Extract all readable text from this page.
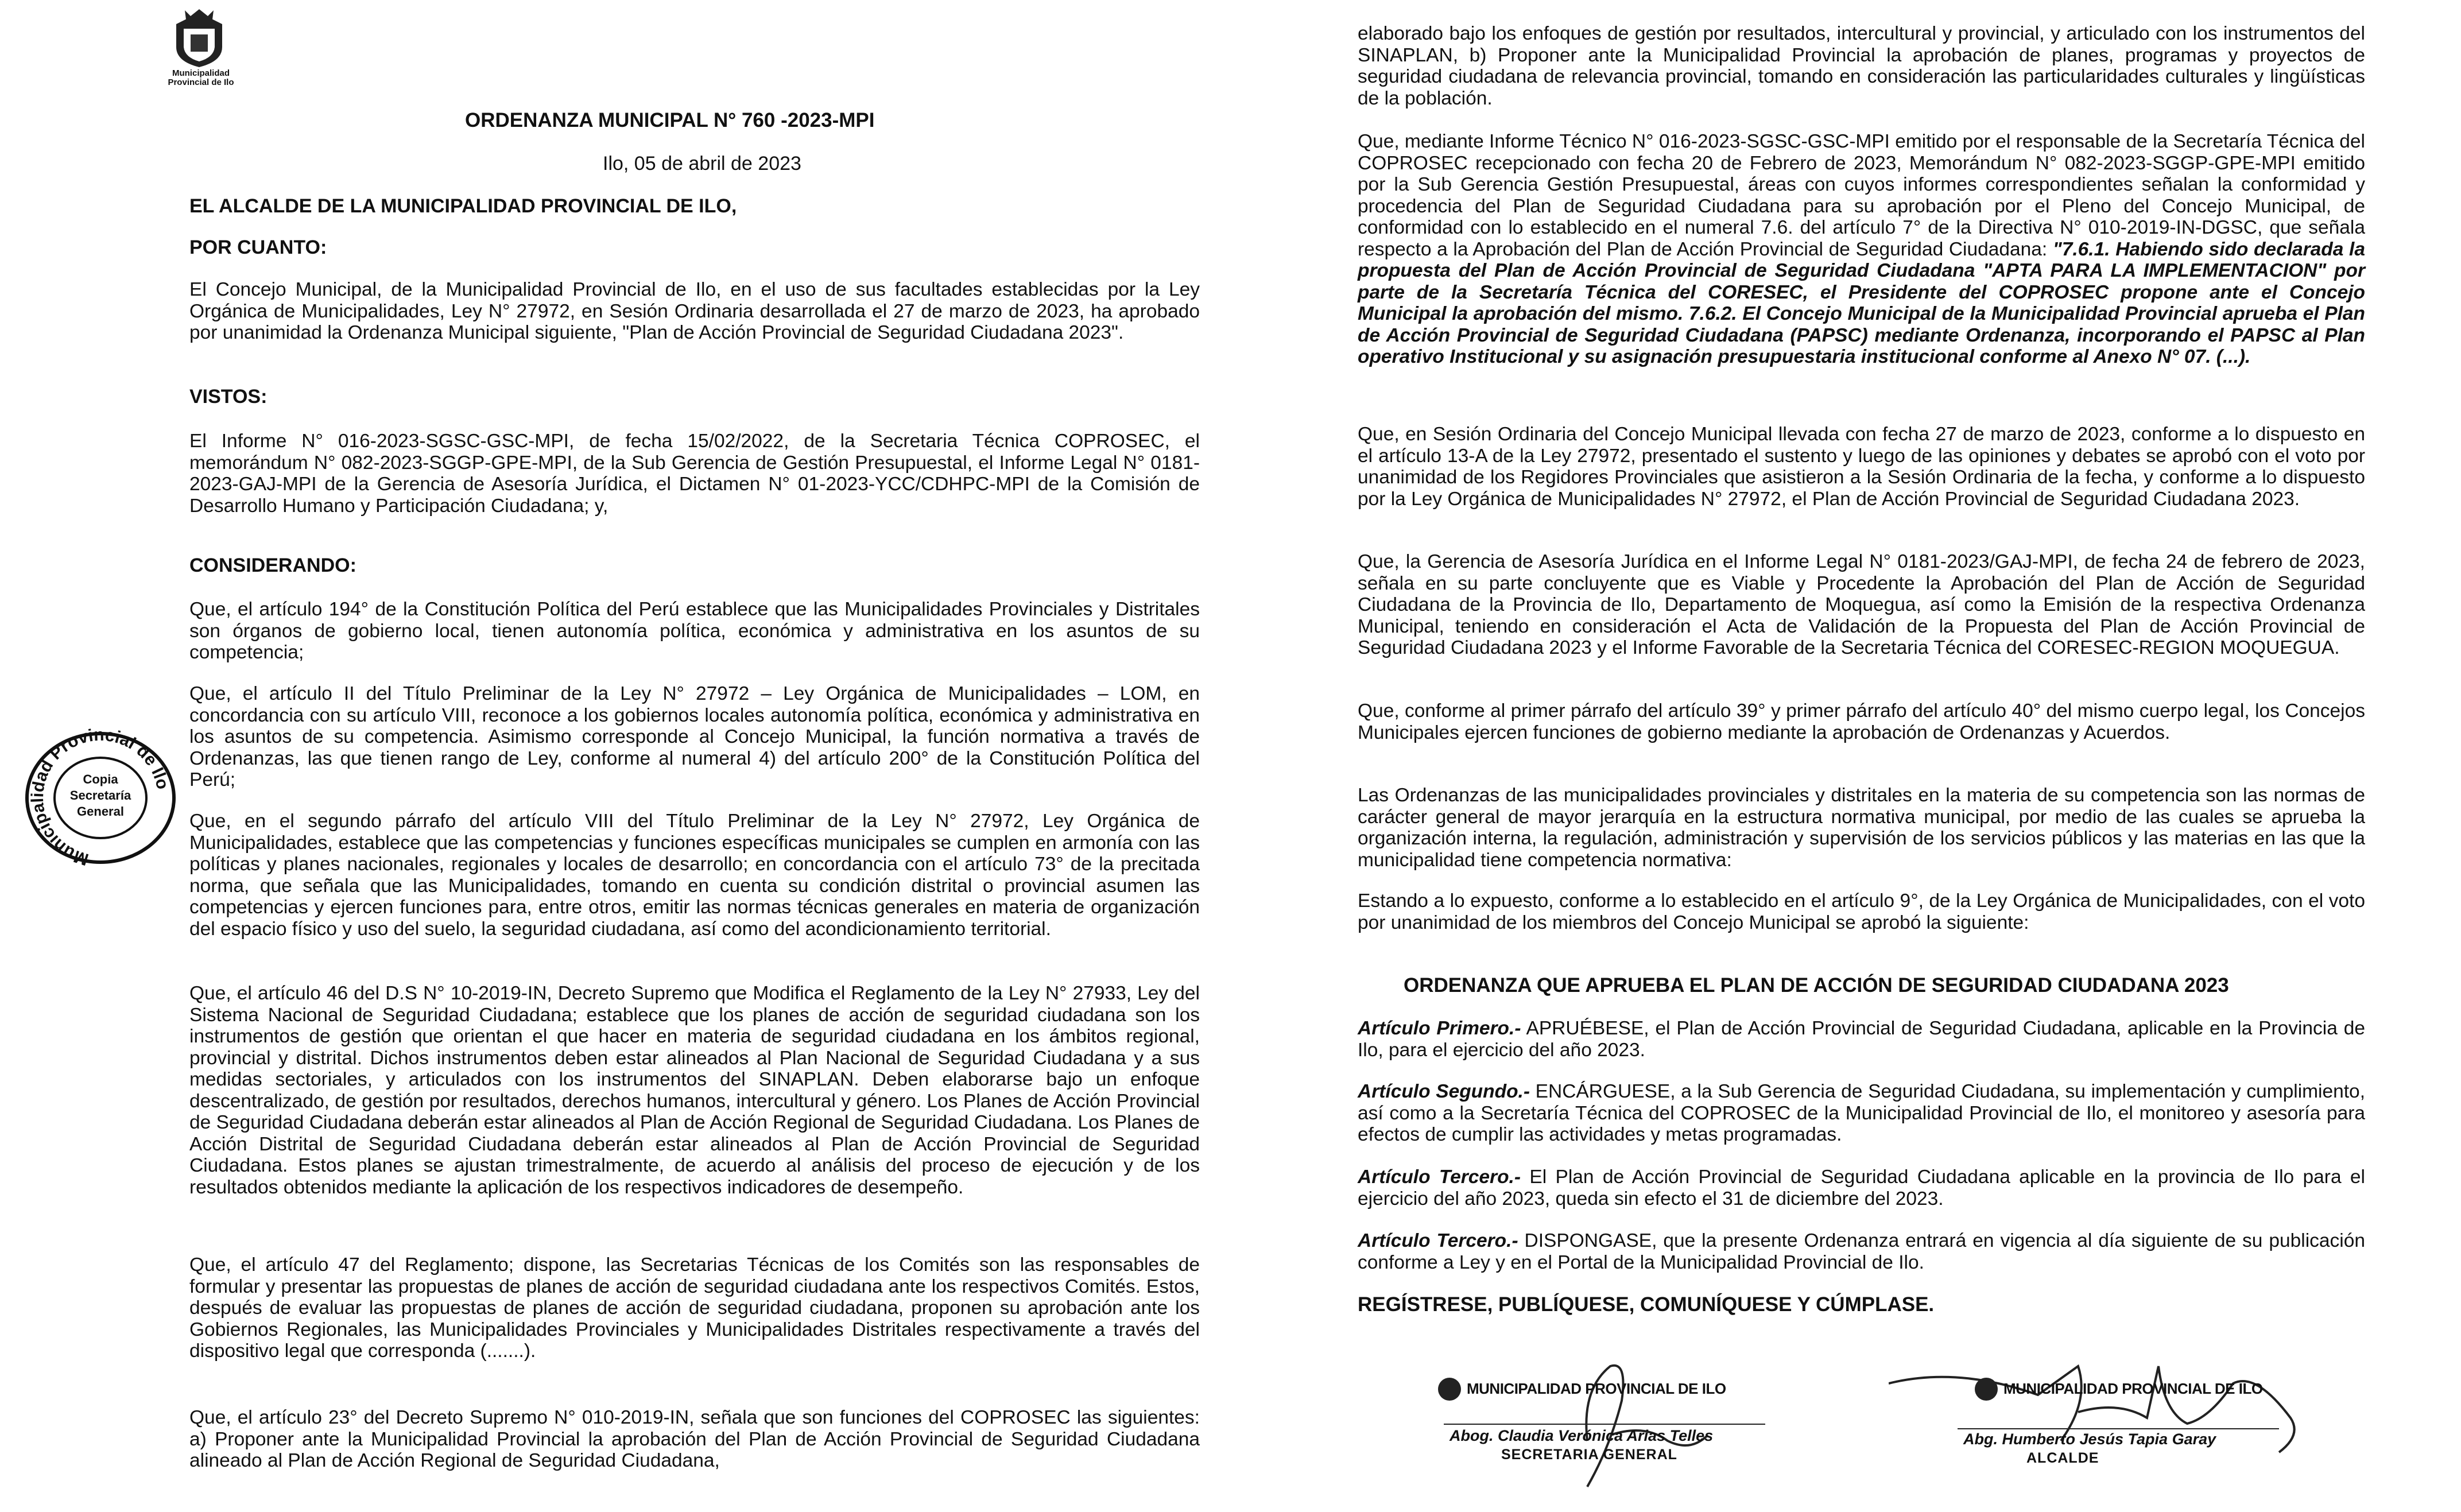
Municipalidad
Provincial de Ilo
Municipalidad Provincial de Ilo
Copia
Secretaría
General
ORDENANZA MUNICIPAL N° 760 -2023-MPI
Ilo, 05 de abril de 2023
EL ALCALDE DE LA MUNICIPALIDAD PROVINCIAL DE ILO,
POR CUANTO:

El Concejo Municipal, de la Municipalidad Provincial de Ilo, en el uso de sus facultades establecidas por la Ley Orgánica de Municipalidades, Ley N° 27972, en Sesión Ordinaria desarrollada el 27 de marzo de 2023, ha aprobado por unanimidad la Ordenanza Municipal siguiente, "Plan de Acción Provincial de Seguridad Ciudadana 2023".

VISTOS:

El Informe N° 016-2023-SGSC-GSC-MPI, de fecha 15/02/2022, de la Secretaria Técnica COPROSEC, el memorándum N° 082-2023-SGGP-GPE-MPI, de la Sub Gerencia de Gestión Presupuestal, el Informe Legal N° 0181-2023-GAJ-MPI de la Gerencia de Asesoría Jurídica, el Dictamen N° 01-2023-YCC/CDHPC-MPI de la Comisión de Desarrollo Humano y Participación Ciudadana; y,

CONSIDERANDO:

Que, el artículo 194° de la Constitución Política del Perú establece que las Municipalidades Provinciales y Distritales son órganos de gobierno local, tienen autonomía política, económica y administrativa en los asuntos de su competencia;

Que, el artículo II del Título Preliminar de la Ley N° 27972 – Ley Orgánica de Municipalidades – LOM, en concordancia con su artículo VIII, reconoce a los gobiernos locales autonomía política, económica y administrativa en los asuntos de su competencia. Asimismo corresponde al Concejo Municipal, la función normativa a través de Ordenanzas, las que tienen rango de Ley, conforme al numeral 4) del artículo 200° de la Constitución Política del Perú;

Que, en el segundo párrafo del artículo VIII del Título Preliminar de la Ley N° 27972, Ley Orgánica de Municipalidades, establece que las competencias y funciones específicas municipales se cumplen en armonía con las políticas y planes nacionales, regionales y locales de desarrollo; en concordancia con el artículo 73° de la precitada norma, que señala que las Municipalidades, tomando en cuenta su condición distrital o provincial asumen las competencias y ejercen funciones para, entre otros, emitir las normas técnicas generales en materia de organización del espacio físico y uso del suelo, la seguridad ciudadana, así como del acondicionamiento territorial.

Que, el artículo 46 del D.S N° 10-2019-IN, Decreto Supremo que Modifica el Reglamento de la Ley N° 27933, Ley del Sistema Nacional de Seguridad Ciudadana; establece que los planes de acción de seguridad ciudadana son los instrumentos de gestión que orientan el que hacer en materia de seguridad ciudadana en los ámbitos regional, provincial y distrital. Dichos instrumentos deben estar alineados al Plan Nacional de Seguridad Ciudadana y a sus medidas sectoriales, y articulados con los instrumentos del SINAPLAN. Deben elaborarse bajo un enfoque descentralizado, de gestión por resultados, derechos humanos, intercultural y género. Los Planes de Acción Provincial de Seguridad Ciudadana deberán estar alineados al Plan de Acción Regional de Seguridad Ciudadana. Los Planes de Acción Distrital de Seguridad Ciudadana deberán estar alineados al Plan de Acción Provincial de Seguridad Ciudadana. Estos planes se ajustan trimestralmente, de acuerdo al análisis del proceso de ejecución y de los resultados obtenidos mediante la aplicación de los respectivos indicadores de desempeño.

Que, el artículo 47 del Reglamento; dispone, las Secretarias Técnicas de los Comités son las responsables de formular y presentar las propuestas de planes de acción de seguridad ciudadana ante los respectivos Comités. Estos, después de evaluar las propuestas de planes de acción de seguridad ciudadana, proponen su aprobación ante los Gobiernos Regionales, las Municipalidades Provinciales y Municipalidades Distritales respectivamente a través del dispositivo legal que corresponda (.......).

Que, el artículo 23° del Decreto Supremo N° 010-2019-IN, señala que son funciones del COPROSEC las siguientes: a) Proponer ante la Municipalidad Provincial la aprobación del Plan de Acción Provincial de Seguridad Ciudadana alineado al Plan de Acción Regional de Seguridad Ciudadana,

elaborado bajo los enfoques de gestión por resultados, intercultural y provincial, y articulado con los instrumentos del SINAPLAN, b) Proponer ante la Municipalidad Provincial la aprobación de planes, programas y proyectos de seguridad ciudadana de relevancia provincial, tomando en consideración las particularidades culturales y lingüísticas de la población.

Que, mediante Informe Técnico N° 016-2023-SGSC-GSC-MPI emitido por el responsable de la Secretaría Técnica del COPROSEC recepcionado con fecha 20 de Febrero de 2023, Memorándum N° 082-2023-SGGP-GPE-MPI emitido por la Sub Gerencia Gestión Presupuestal, áreas con cuyos informes correspondientes señalan la conformidad y procedencia del Plan de Seguridad Ciudadana para su aprobación por el Pleno del Concejo Municipal, de conformidad con lo establecido en el numeral 7.6. del artículo 7° de la Directiva N° 010-2019-IN-DGSC, que señala respecto a la Aprobación del Plan de Acción Provincial de Seguridad Ciudadana: "7.6.1. Habiendo sido declarada la propuesta del Plan de Acción Provincial de Seguridad Ciudadana "APTA PARA LA IMPLEMENTACION" por parte de la Secretaría Técnica del CORESEC, el Presidente del COPROSEC propone ante el Concejo Municipal la aprobación del mismo. 7.6.2. El Concejo Municipal de la Municipalidad Provincial aprueba el Plan de Acción Provincial de Seguridad Ciudadana (PAPSC) mediante Ordenanza, incorporando el PAPSC al Plan operativo Institucional y su asignación presupuestaria institucional conforme al Anexo N° 07. (...).

Que, en Sesión Ordinaria del Concejo Municipal llevada con fecha 27 de marzo de 2023, conforme a lo dispuesto en el artículo 13-A de la Ley 27972, presentado el sustento y luego de las opiniones y debates se aprobó con el voto por unanimidad de los Regidores Provinciales que asistieron a la Sesión Ordinaria de la fecha, y conforme a lo dispuesto por la Ley Orgánica de Municipalidades N° 27972, el Plan de Acción Provincial de Seguridad Ciudadana 2023.

Que, la Gerencia de Asesoría Jurídica en el Informe Legal N° 0181-2023/GAJ-MPI, de fecha 24 de febrero de 2023, señala en su parte concluyente que es Viable y Procedente la Aprobación del Plan de Acción de Seguridad Ciudadana de la Provincia de Ilo, Departamento de Moquegua, así como la Emisión de la respectiva Ordenanza Municipal, teniendo en consideración el Acta de Validación de la Propuesta del Plan de Acción Provincial de Seguridad Ciudadana 2023 y el Informe Favorable de la Secretaria Técnica del CORESEC-REGION MOQUEGUA.

Que, conforme al primer párrafo del artículo 39° y primer párrafo del artículo 40° del mismo cuerpo legal, los Concejos Municipales ejercen funciones de gobierno mediante la aprobación de Ordenanzas y Acuerdos.

Las Ordenanzas de las municipalidades provinciales y distritales en la materia de su competencia son las normas de carácter general de mayor jerarquía en la estructura normativa municipal, por medio de las cuales se aprueba la organización interna, la regulación, administración y supervisión de los servicios públicos y las materias en las que la municipalidad tiene competencia normativa:

Estando a lo expuesto, conforme a lo establecido en el artículo 9°, de la Ley Orgánica de Municipalidades, con el voto por unanimidad de los miembros del Concejo Municipal se aprobó la siguiente:

ORDENANZA QUE APRUEBA EL PLAN DE ACCIÓN DE SEGURIDAD CIUDADANA 2023

Artículo Primero.- APRUÉBESE, el Plan de Acción Provincial de Seguridad Ciudadana, aplicable en la Provincia de Ilo, para el ejercicio del año 2023.

Artículo Segundo.- ENCÁRGUESE, a la Sub Gerencia de Seguridad Ciudadana, su implementación y cumplimiento, así como a la Secretaría Técnica del COPROSEC de la Municipalidad Provincial de Ilo, el monitoreo y asesoría para efectos de cumplir las actividades y metas programadas.

Artículo Tercero.- El Plan de Acción Provincial de Seguridad Ciudadana aplicable en la provincia de Ilo para el ejercicio del año 2023, queda sin efecto el 31 de diciembre del 2023.

Artículo Tercero.- DISPONGASE, que la presente Ordenanza entrará en vigencia al día siguiente de su publicación conforme a Ley y en el Portal de la Municipalidad Provincial de Ilo.

REGÍSTRESE, PUBLÍQUESE, COMUNÍQUESE Y CÚMPLASE.
MUNICIPALIDAD PROVINCIAL DE ILO
Abog. Claudia Verónica Arias Telles
SECRETARIA GENERAL
MUNICIPALIDAD PROVINCIAL DE ILO
Abg. Humberto Jesús Tapia Garay
ALCALDE
